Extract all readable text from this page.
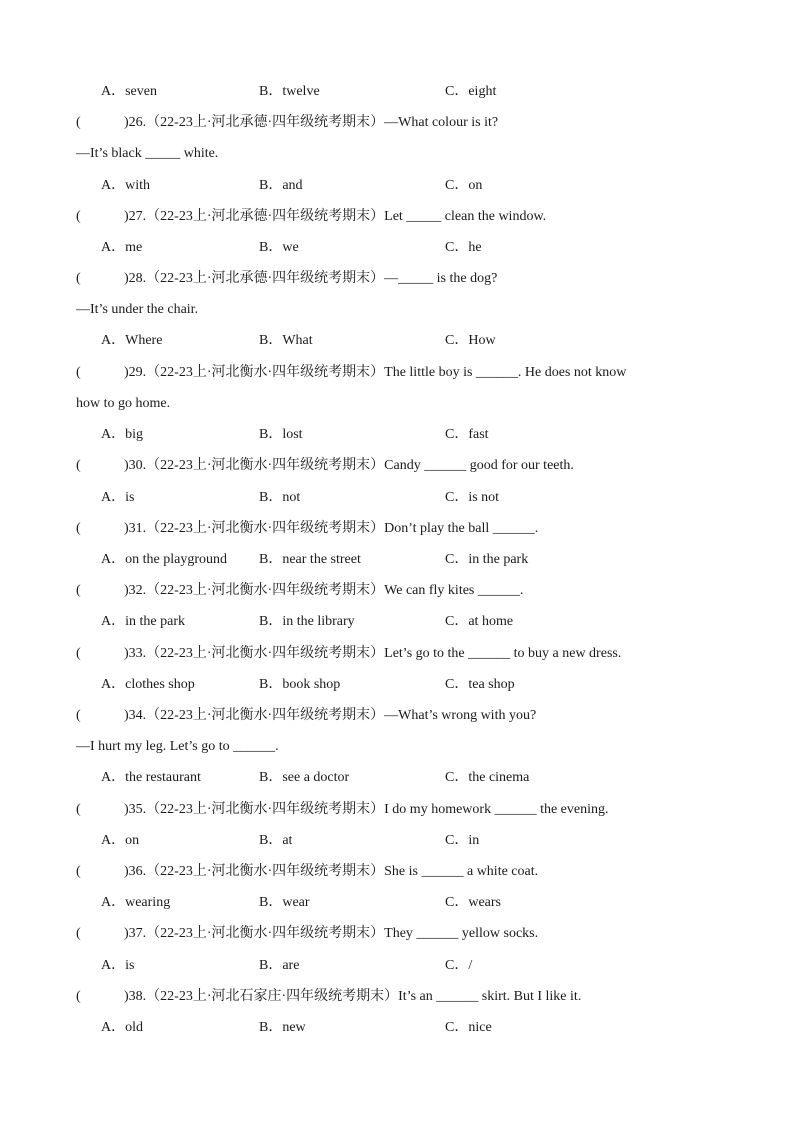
A．seven	B．twelve	C．eight
(	)26.（22-23上·河北承德·四年级统考期末）—What colour is it?
—It’s black _____ white.
A．with	B．and	C．on
(	)27.（22-23上·河北承德·四年级统考期末）Let _____ clean the window.
A．me	B．we	C．he
(	)28.（22-23上·河北承德·四年级统考期末）—_____ is the dog?
—It’s under the chair.
A．Where	B．What	C．How
(	)29.（22-23上·河北衡水·四年级统考期末）The little boy is ______. He does not know
how to go home.
A．big	B．lost	C．fast
(	)30.（22-23上·河北衡水·四年级统考期末）Candy ______ good for our teeth.
A．is	B．not	C．is not
(	)31.（22-23上·河北衡水·四年级统考期末）Don’t play the ball ______.
A．on the playground B．near the street	C．in the park
(	)32.（22-23上·河北衡水·四年级统考期末）We can fly kites ______.
A．in the park	B．in the library	C．at home
(	)33.（22-23上·河北衡水·四年级统考期末）Let’s go to the ______ to buy a new dress.
A．clothes shop	B．book shop	C．tea shop
(	)34.（22-23上·河北衡水·四年级统考期末）—What’s wrong with you?
—I hurt my leg. Let’s go to ______.
A．the restaurant	B．see a doctor	C．the cinema
(	)35.（22-23上·河北衡水·四年级统考期末）I do my homework ______ the evening.
A．on	B．at	C．in
(	)36.（22-23上·河北衡水·四年级统考期末）She is ______ a white coat.
A．wearing	B．wear	C．wears
(	)37.（22-23上·河北衡水·四年级统考期末）They ______ yellow socks.
A．is	B．are	C．/
(	)38.（22-23上·河北石家庄·四年级统考期末）It’s an ______ skirt. But I like it.
A．old	B．new	C．nice
